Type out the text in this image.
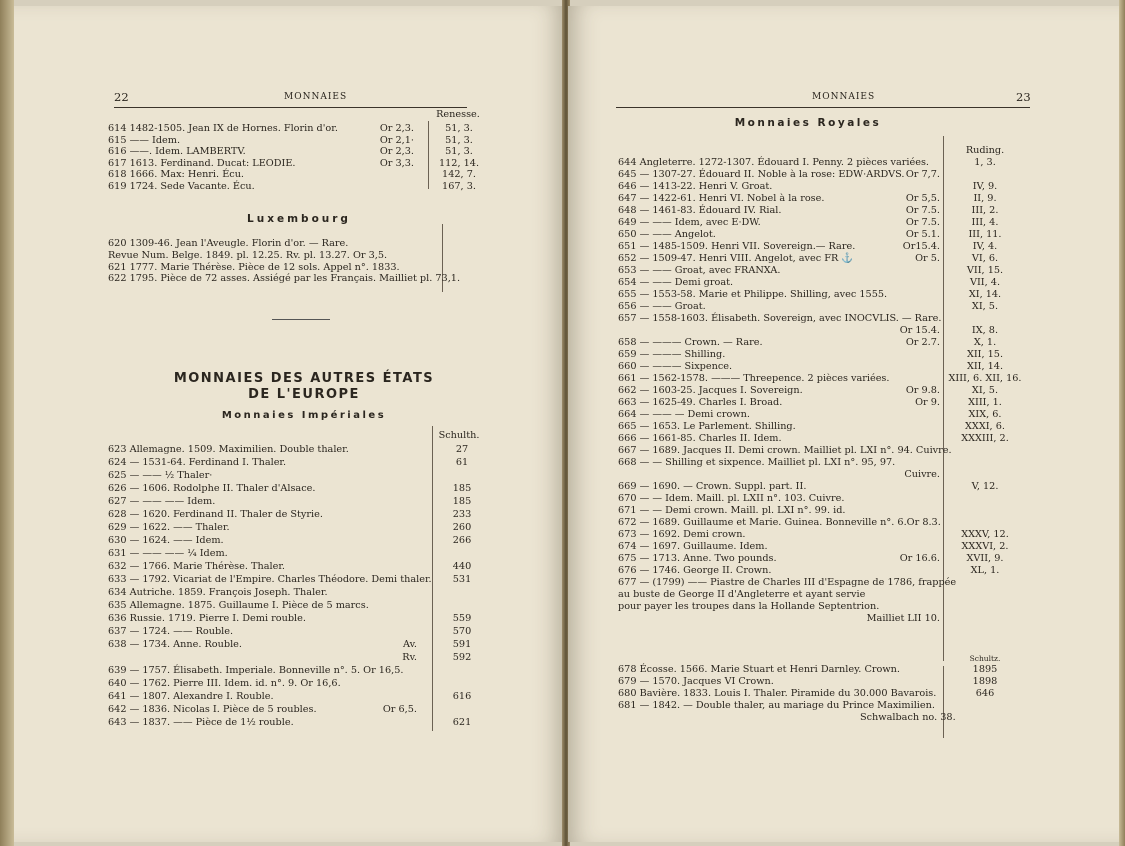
22	MONNAIES
Renesse.
614 1482-1505. Jean IX de Hornes. Florin d'or.	Or 2,3.	51, 3.
615 —— Idem.	Or 2,1·	51, 3.
616 ——. Idem. LAMBERTV.	Or 2,3.	51, 3.
617 1613. Ferdinand. Ducat: LEODIE.	Or 3,3.	112, 14.
618 1666. Max: Henri. Écu.	142, 7.
619 1724. Sede Vacante. Écu.	167, 3.
Luxembourg
620 1309-46. Jean l'Aveugle. Florin d'or. — Rare.
Revue Num. Belge. 1849. pl. 12.25. Rv. pl. 13.27. Or 3,5.
621 1777. Marie Thérèse. Pièce de 12 sols. Appel n°. 1833.
622 1795. Pièce de 72 asses. Assiégé par les Français. Mailliet pl. 73,1.
MONNAIES DES AUTRES ÉTATS
DE L'EUROPE
Monnaies Impériales
Schulth.
623 Allemagne. 1509. Maximilien. Double thaler.	27
624 — 1531-64. Ferdinand I. Thaler.	61
625 — —— ½ Thaler·
626 — 1606. Rodolphe II. Thaler d'Alsace.	185
627 — —— —— Idem.	185
628 — 1620. Ferdinand II. Thaler de Styrie.	233
629 — 1622. —— Thaler.	260
630 — 1624. —— Idem.	266
631 — —— —— ¼ Idem.
632 — 1766. Marie Thérèse. Thaler.	440
633 — 1792. Vicariat de l'Empire. Charles Théodore. Demi thaler.	531
634 Autriche. 1859. François Joseph. Thaler.
635 Allemagne. 1875. Guillaume I. Pièce de 5 marcs.
636 Russie. 1719. Pierre I. Demi rouble.	559
637 — 1724. —— Rouble.	570
638 — 1734. Anne. Rouble.	Av.	591
Rv.	592
639 — 1757. Élisabeth. Imperiale. Bonneville n°. 5. Or 16,5.
640 — 1762. Pierre III. Idem. id. n°. 9. Or 16,6.
641 — 1807. Alexandre I. Rouble.	616
642 — 1836. Nicolas I. Pièce de 5 roubles.	Or 6,5.
643 — 1837. —— Pièce de 1½ rouble.	621
23
MONNAIES
Monnaies Royales
Ruding.
644 Angleterre. 1272-1307. Édouard I. Penny. 2 pièces variées.	1, 3.
645 — 1307-27. Édouard II. Noble à la rose: EDW·ARDVS. Or 7,7.
646 — 1413-22. Henri V. Groat.	IV, 9.
647 — 1422-61. Henri VI. Nobel à la rose.	Or 5,5.	II, 9.
648 — 1461-83. Édouard IV. Rial.	Or 7.5.	III, 2.
649 — —— Idem, avec E·DW.	Or 7.5.	III, 4.
650 — —— Angelot.	Or 5.1.	III, 11.
651 — 1485-1509. Henri VII. Sovereign.— Rare.	Or15.4.	IV, 4.
652 — 1509-47. Henri VIII. Angelot, avec FR ⚓	Or 5.	VI, 6.
653 — —— Groat, avec FRANXA.	VII, 15.
654 — —— Demi groat.	VII, 4.
655 — 1553-58. Marie et Philippe. Shilling, avec 1555.	XI, 14.
656 — —— Groat.	XI, 5.
657 — 1558-1603. Élisabeth. Sovereign, avec INOCVLIS. — Rare.
Or 15.4.	IX, 8.
658 — ——— Crown. — Rare.	Or 2.7.	X, 1.
659 — ——— Shilling.	XII, 15.
660 — ——— Sixpence.	XII, 14.
661 — 1562-1578. ——— Threepence. 2 pièces variées.	XIII, 6. XII, 16.
662 — 1603-25. Jacques I. Sovereign.	Or 9.8.	XI, 5.
663 — 1625-49. Charles I. Broad.	Or 9.	XIII, 1.
664 — —— — Demi crown.	XIX, 6.
665 — 1653. Le Parlement. Shilling.	XXXI, 6.
666 — 1661-85. Charles II. Idem.	XXXIII, 2.
667 — 1689. Jacques II. Demi crown. Mailliet pl. LXI n°. 94. Cuivre.
668 — — Shilling et sixpence. Mailliet pl. LXI n°. 95, 97.
Cuivre.
669 — 1690. — Crown. Suppl. part. II.	V, 12.
670 — — Idem. Maill. pl. LXII n°. 103. Cuivre.
671 — — Demi crown. Maill. pl. LXI n°. 99. id.
672 — 1689. Guillaume et Marie. Guinea. Bonneville n°. 6.Or 8.3.
673 — 1692. Demi crown.	XXXV, 12.
674 — 1697. Guillaume. Idem.	XXXVI, 2.
675 — 1713. Anne. Two pounds.	Or 16.6.	XVII, 9.
676 — 1746. George II. Crown.	XL, 1.
677 — (1799) —— Piastre de Charles III d'Espagne de 1786, frappée
au buste de George II d'Angleterre et ayant servie
pour payer les troupes dans la Hollande Septentrion.
Mailliet LII 10.
Schultz.
678 Écosse. 1566. Marie Stuart et Henri Darnley. Crown.	1895
679 — 1570. Jacques VI Crown.	1898
680 Bavière. 1833. Louis I. Thaler. Piramide du 30.000 Bavarois.	646
681 — 1842. — Double thaler, au mariage du Prince Maximilien.
Schwalbach no. 38.
